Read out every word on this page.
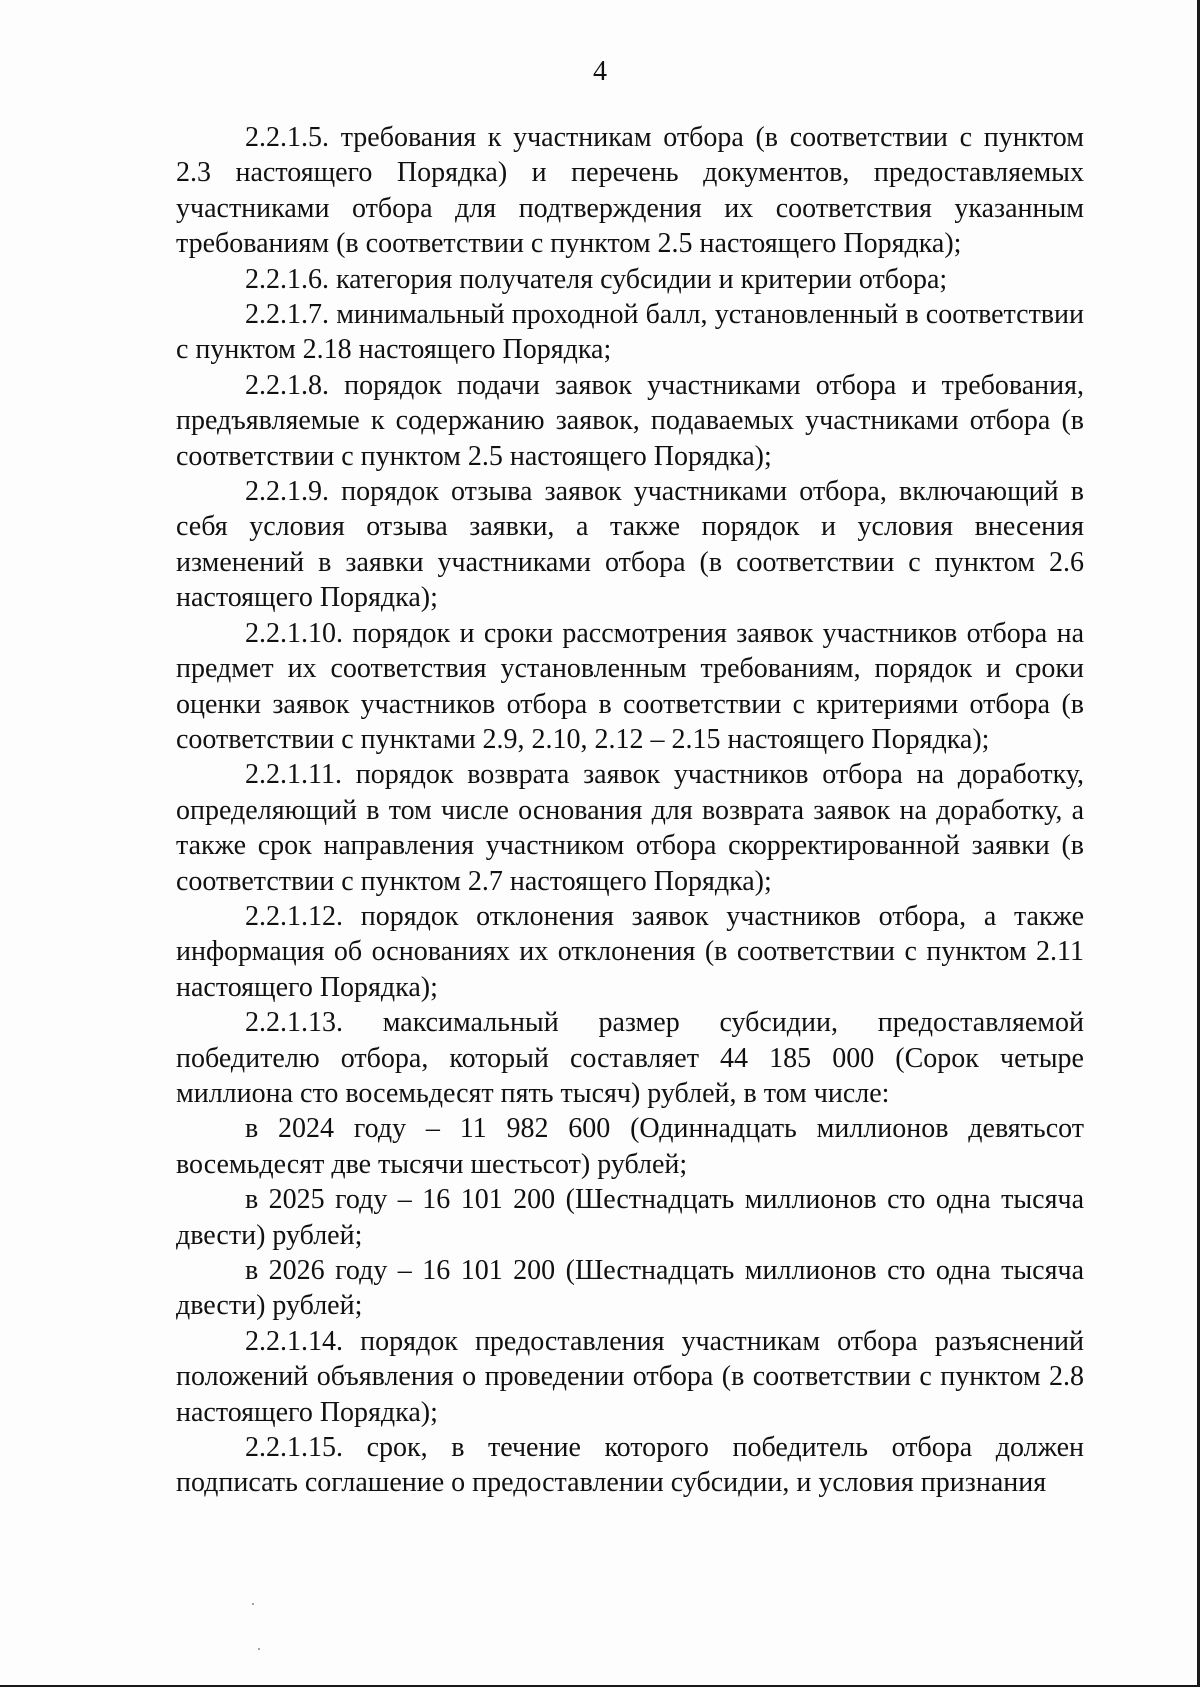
4

2.2.1.5. требования к участникам отбора (в соответствии с пунктом 2.3 настоящего Порядка) и перечень документов, предоставляемых участниками отбора для подтверждения их соответствия указанным требованиям (в соответствии с пунктом 2.5 настоящего Порядка);

2.2.1.6. категория получателя субсидии и критерии отбора;

2.2.1.7. минимальный проходной балл, установленный в соответствии с пунктом 2.18 настоящего Порядка;

2.2.1.8. порядок подачи заявок участниками отбора и требования, предъявляемые к содержанию заявок, подаваемых участниками отбора (в соответствии с пунктом 2.5 настоящего Порядка);

2.2.1.9. порядок отзыва заявок участниками отбора, включающий в себя условия отзыва заявки, а также порядок и условия внесения изменений в заявки участниками отбора (в соответствии с пунктом 2.6 настоящего Порядка);

2.2.1.10. порядок и сроки рассмотрения заявок участников отбора на предмет их соответствия установленным требованиям, порядок и сроки оценки заявок участников отбора в соответствии с критериями отбора (в соответствии с пунктами 2.9, 2.10, 2.12 – 2.15 настоящего Порядка);

2.2.1.11. порядок возврата заявок участников отбора на доработку, определяющий в том числе основания для возврата заявок на доработку, а также срок направления участником отбора скорректированной заявки (в соответствии с пунктом 2.7 настоящего Порядка);

2.2.1.12. порядок отклонения заявок участников отбора, а также информация об основаниях их отклонения (в соответствии с пунктом 2.11 настоящего Порядка);

2.2.1.13. максимальный размер субсидии, предоставляемой победителю отбора, который составляет 44 185 000 (Сорок четыре миллиона сто восемьдесят пять тысяч) рублей, в том числе:

в 2024 году – 11 982 600 (Одиннадцать миллионов девятьсот восемьдесят две тысячи шестьсот) рублей;

в 2025 году – 16 101 200 (Шестнадцать миллионов сто одна тысяча двести) рублей;

в 2026 году – 16 101 200 (Шестнадцать миллионов сто одна тысяча двести) рублей;

2.2.1.14. порядок предоставления участникам отбора разъяснений положений объявления о проведении отбора (в соответствии с пунктом 2.8 настоящего Порядка);

2.2.1.15. срок, в течение которого победитель отбора должен подписать соглашение о предоставлении субсидии, и условия признания
